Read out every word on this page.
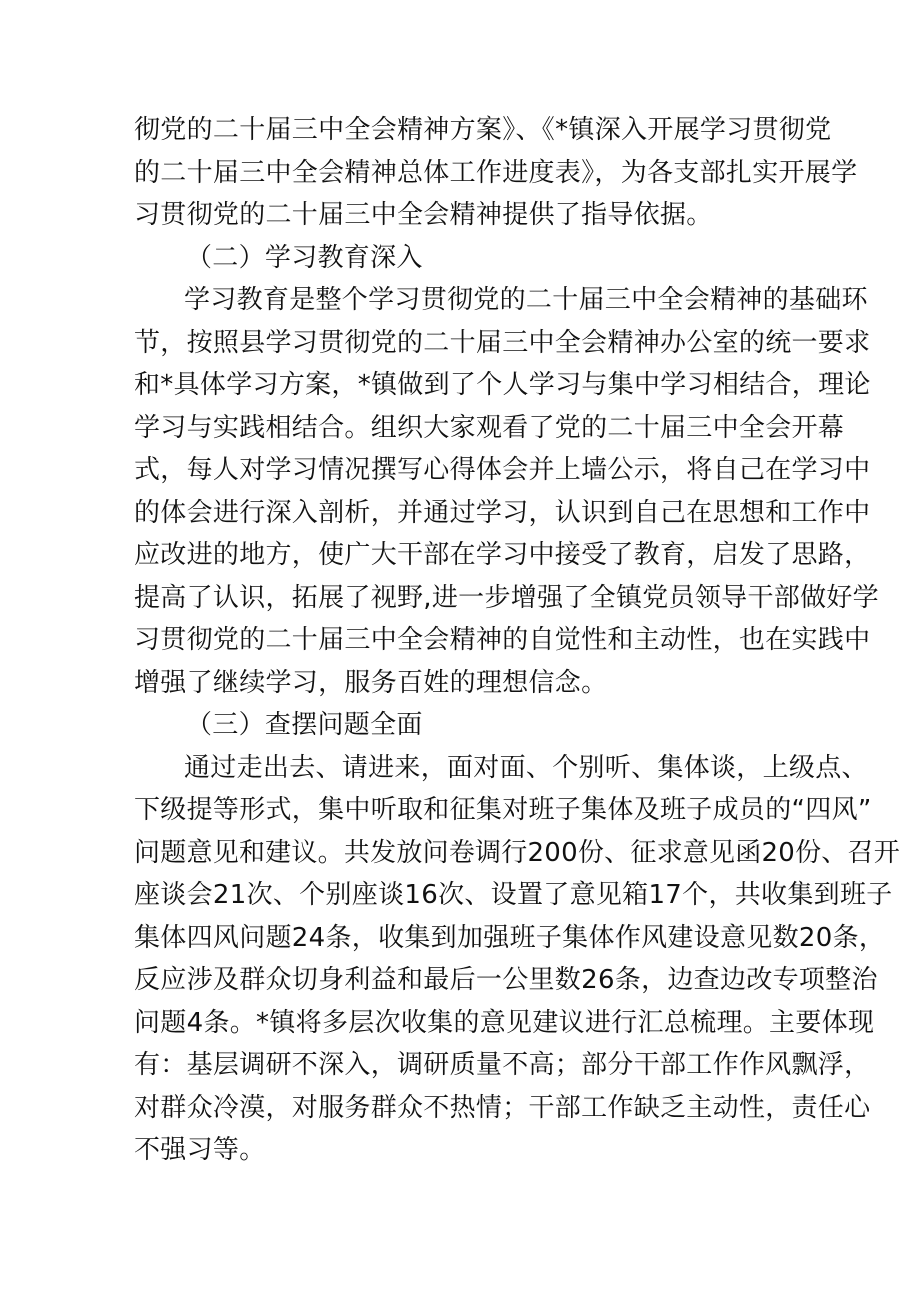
彻党的二十届三中全会精神方案》、《*镇深入开展学习贯彻党
的二十届三中全会精神总体工作进度表》，为各支部扎实开展学
习贯彻党的二十届三中全会精神提供了指导依据。
（二）学习教育深入
学习教育是整个学习贯彻党的二十届三中全会精神的基础环
节，按照县学习贯彻党的二十届三中全会精神办公室的统一要求
和*具体学习方案，*镇做到了个人学习与集中学习相结合，理论
学习与实践相结合。组织大家观看了党的二十届三中全会开幕
式，每人对学习情况撰写心得体会并上墙公示，将自己在学习中
的体会进行深入剖析，并通过学习，认识到自己在思想和工作中
应改进的地方，使广大干部在学习中接受了教育，启发了思路，
提高了认识，拓展了视野,进一步增强了全镇党员领导干部做好学
习贯彻党的二十届三中全会精神的自觉性和主动性，也在实践中
增强了继续学习，服务百姓的理想信念。
（三）查摆问题全面
通过走出去、请进来，面对面、个别听、集体谈，上级点、
下级提等形式，集中听取和征集对班子集体及班子成员的“四风”
问题意见和建议。共发放问卷调行200份、征求意见函20份、召开
座谈会21次、个别座谈16次、设置了意见箱17个，共收集到班子
集体四风问题24条，收集到加强班子集体作风建设意见数20条，
反应涉及群众切身利益和最后一公里数26条，边查边改专项整治
问题4条。*镇将多层次收集的意见建议进行汇总梳理。主要体现
有：基层调研不深入，调研质量不高；部分干部工作作风飘浮，
对群众冷漠，对服务群众不热情；干部工作缺乏主动性，责任心
不强习等。
